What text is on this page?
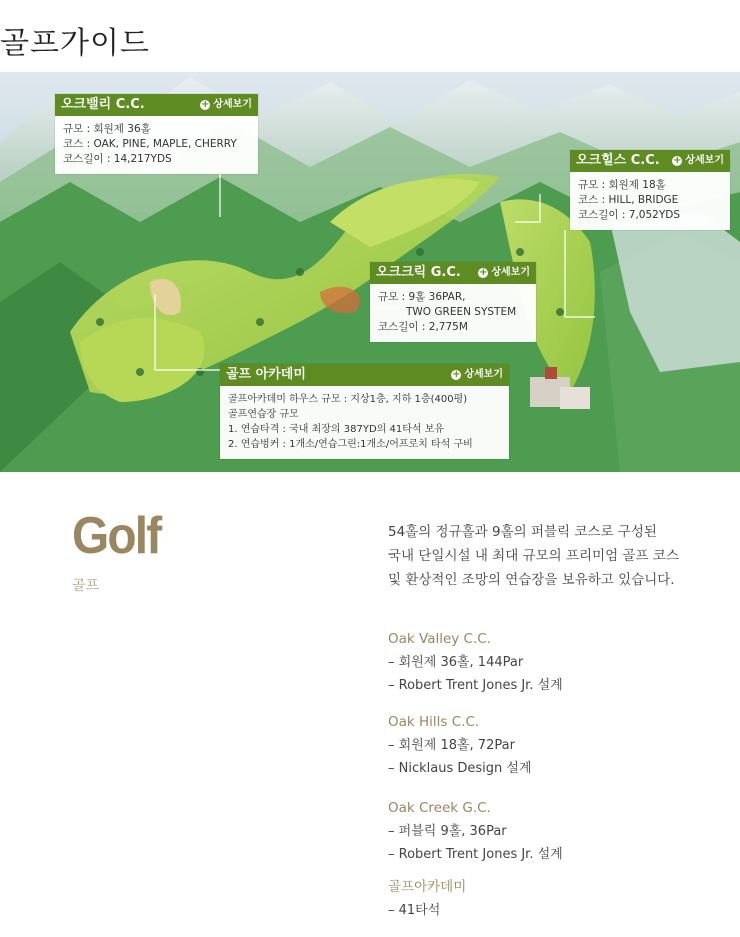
골프가이드
오크밸리 C.C.	+ 상세보기
규모 : 회원제 36홀
코스 : OAK, PINE, MAPLE, CHERRY
코스길이 : 14,217YDS	오크힐스 C.C. + 상세보기
규모 : 회원제 18홀
코스 : HILL, BRIDGE
코스길이 : 7,052YDS
오크크릭 G.C. + 상세보기
규모 : 9홀 36PAR,
TWO GREEN SYSTEM
코스길이 : 2,775M
골프 아카데미	+ 상세보기
골프아카데미 하우스 규모 : 지상1층, 지하 1층(400평)
골프연습장 규모
1. 연습타격 : 국내 최장의 387YD의 41타석 보유
2. 연습벙커 : 1개소/연습그린:1개소/어프로치 타석 구비
Golf
골프
54홀의 정규홀과 9홀의 퍼블릭 코스로 구성된
국내 단일시설 내 최대 규모의 프리미엄 골프 코스
및 환상적인 조망의 연습장을 보유하고 있습니다.
Oak Valley C.C.
– 회원제 36홀, 144Par
– Robert Trent Jones Jr. 설계
Oak Hills C.C.
– 회원제 18홀, 72Par
– Nicklaus Design 설계
Oak Creek G.C.
– 퍼블릭 9홀, 36Par
– Robert Trent Jones Jr. 설계
골프아카데미
– 41타석
